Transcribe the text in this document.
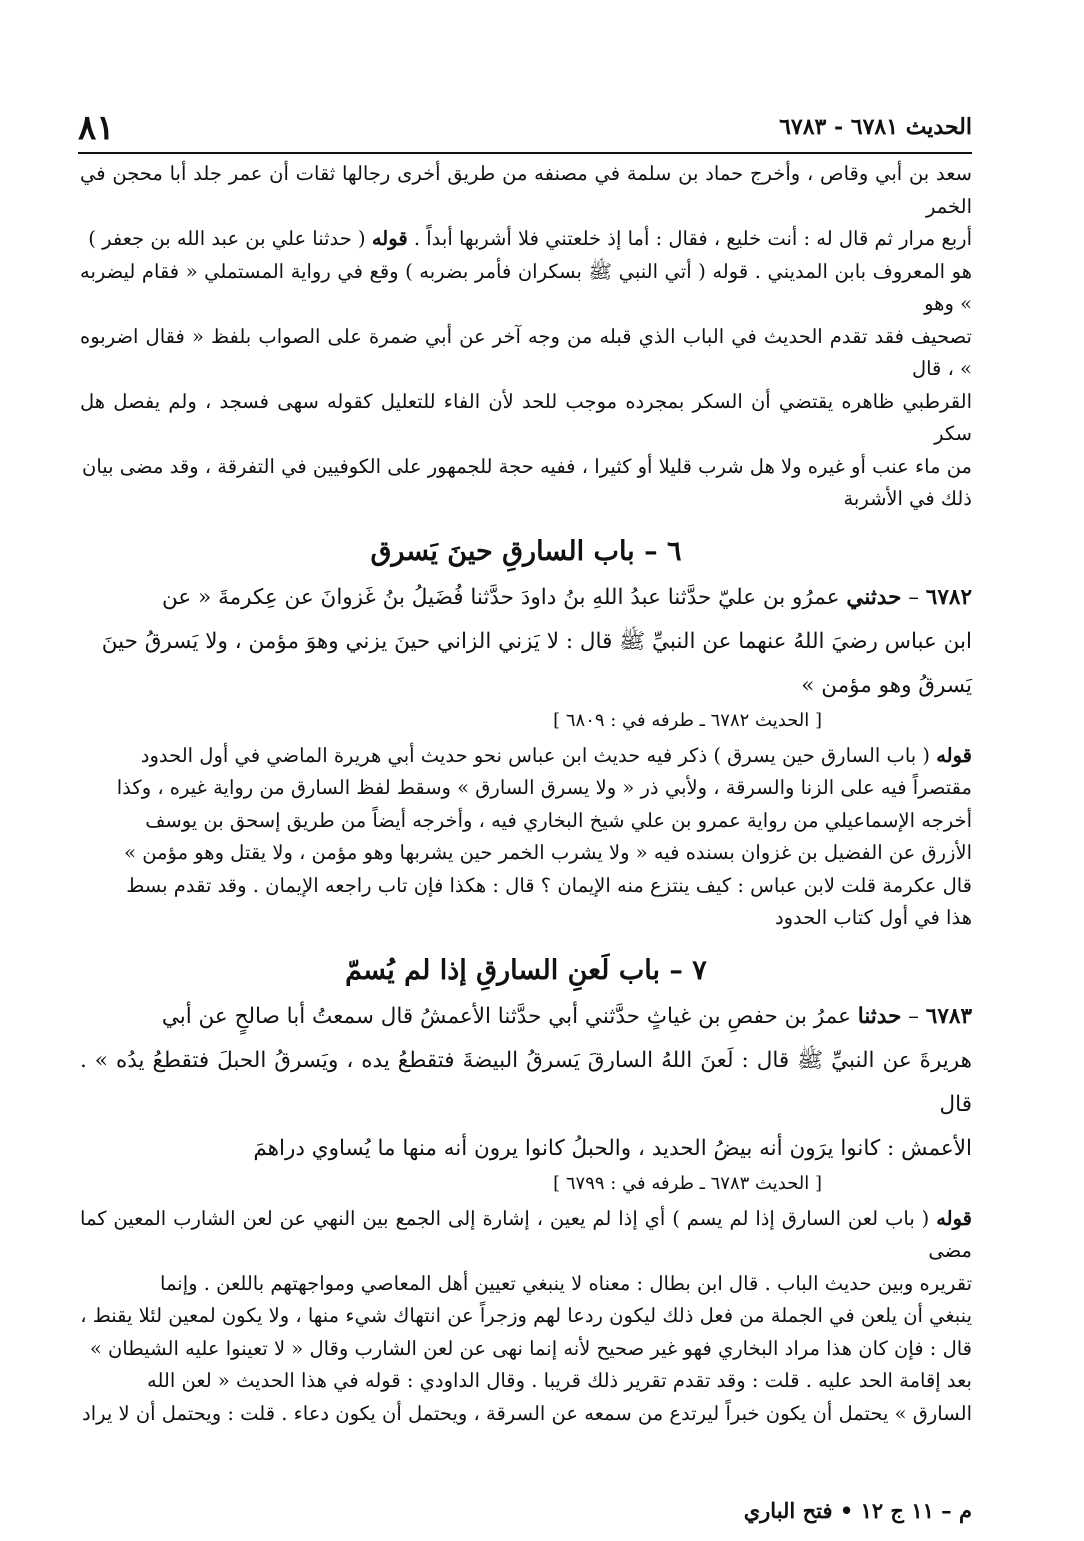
٨١	الحديث ٦٧٨١ - ٦٧٨٣
سعد بن أبي وقاص ، وأخرج حماد بن سلمة في مصنفه من طريق أخرى رجالها ثقات أن عمر جلد أبا محجن في الخمر
أربع مرار ثم قال له : أنت خليع ، فقال : أما إذ خلعتني فلا أشربها أبداً . قوله ( حدثنا علي بن عبد الله بن جعفر )
هو المعروف بابن المديني . قوله ( أتي النبي ﷺ بسكران فأمر بضربه ) وقع في رواية المستملي « فقام ليضربه » وهو
تصحيف فقد تقدم الحديث في الباب الذي قبله من وجه آخر عن أبي ضمرة على الصواب بلفظ « فقال اضربوه » ، قال
القرطبي ظاهره يقتضي أن السكر بمجرده موجب للحد لأن الفاء للتعليل كقوله سهى فسجد ، ولم يفصل هل سكر
من ماء عنب أو غيره ولا هل شرب قليلا أو كثيرا ، ففيه حجة للجمهور على الكوفيين في التفرقة ، وقد مضى بيان
ذلك في الأشربة
٦ – باب السارقِ حينَ يَسرق
٦٧٨٢ – حدثني عمرُو بن عليّ حدَّثنا عبدُ اللهِ بنُ داودَ حدَّثنا فُضَيلُ بنُ غَزوانَ عن عِكرمةَ « عن
ابن عباس رضيَ اللهُ عنهما عن النبيِّ ﷺ قال : لا يَزني الزاني حينَ يزني وهوَ مؤمن ، ولا يَسرقُ حينَ
يَسرقُ وهو مؤمن »
[ الحديث ٦٧٨٢ ـ طرفه في : ٦٨٠٩ ]
قوله ( باب السارق حين يسرق ) ذكر فيه حديث ابن عباس نحو حديث أبي هريرة الماضي في أول الحدود
مقتصراً فيه على الزنا والسرقة ، ولأبي ذر « ولا يسرق السارق » وسقط لفظ السارق من رواية غيره ، وكذا
أخرجه الإسماعيلي من رواية عمرو بن علي شيخ البخاري فيه ، وأخرجه أيضاً من طريق إسحق بن يوسف
الأزرق عن الفضيل بن غزوان بسنده فيه « ولا يشرب الخمر حين يشربها وهو مؤمن ، ولا يقتل وهو مؤمن »
قال عكرمة قلت لابن عباس : كيف ينتزع منه الإيمان ؟ قال : هكذا فإن تاب راجعه الإيمان . وقد تقدم بسط
هذا في أول كتاب الحدود
٧ – باب لَعنِ السارقِ إذا لم يُسمّ
٦٧٨٣ – حدثنا عمرُ بن حفصِ بن غياثٍ حدَّثني أبي حدَّثنا الأعمشُ قال سمعتُ أبا صالحٍ عن أبي
هريرةَ عن النبيِّ ﷺ قال : لَعنَ اللهُ السارقَ يَسرقُ البيضةَ فتقطعُ يده ، ويَسرقُ الحبلَ فتقطعُ يدُه » . قال
الأعمش : كانوا يرَون أنه بيضُ الحديد ، والحبلُ كانوا يرون أنه منها ما يُساوي دراهمَ
[ الحديث ٦٧٨٣ ـ طرفه في : ٦٧٩٩ ]
قوله ( باب لعن السارق إذا لم يسم ) أي إذا لم يعين ، إشارة إلى الجمع بين النهي عن لعن الشارب المعين كما مضى
تقريره وبين حديث الباب . قال ابن بطال : معناه لا ينبغي تعيين أهل المعاصي ومواجهتهم باللعن . وإنما
ينبغي أن يلعن في الجملة من فعل ذلك ليكون ردعا لهم وزجراً عن انتهاك شيء منها ، ولا يكون لمعين لئلا يقنط ،
قال : فإن كان هذا مراد البخاري فهو غير صحيح لأنه إنما نهى عن لعن الشارب وقال « لا تعينوا عليه الشيطان »
بعد إقامة الحد عليه . قلت : وقد تقدم تقرير ذلك قريبا . وقال الداودي : قوله في هذا الحديث « لعن الله
السارق » يحتمل أن يكون خبراً ليرتدع من سمعه عن السرقة ، ويحتمل أن يكون دعاء . قلت : ويحتمل أن لا يراد
م – ١١ ج ١٢ • فتح الباري
